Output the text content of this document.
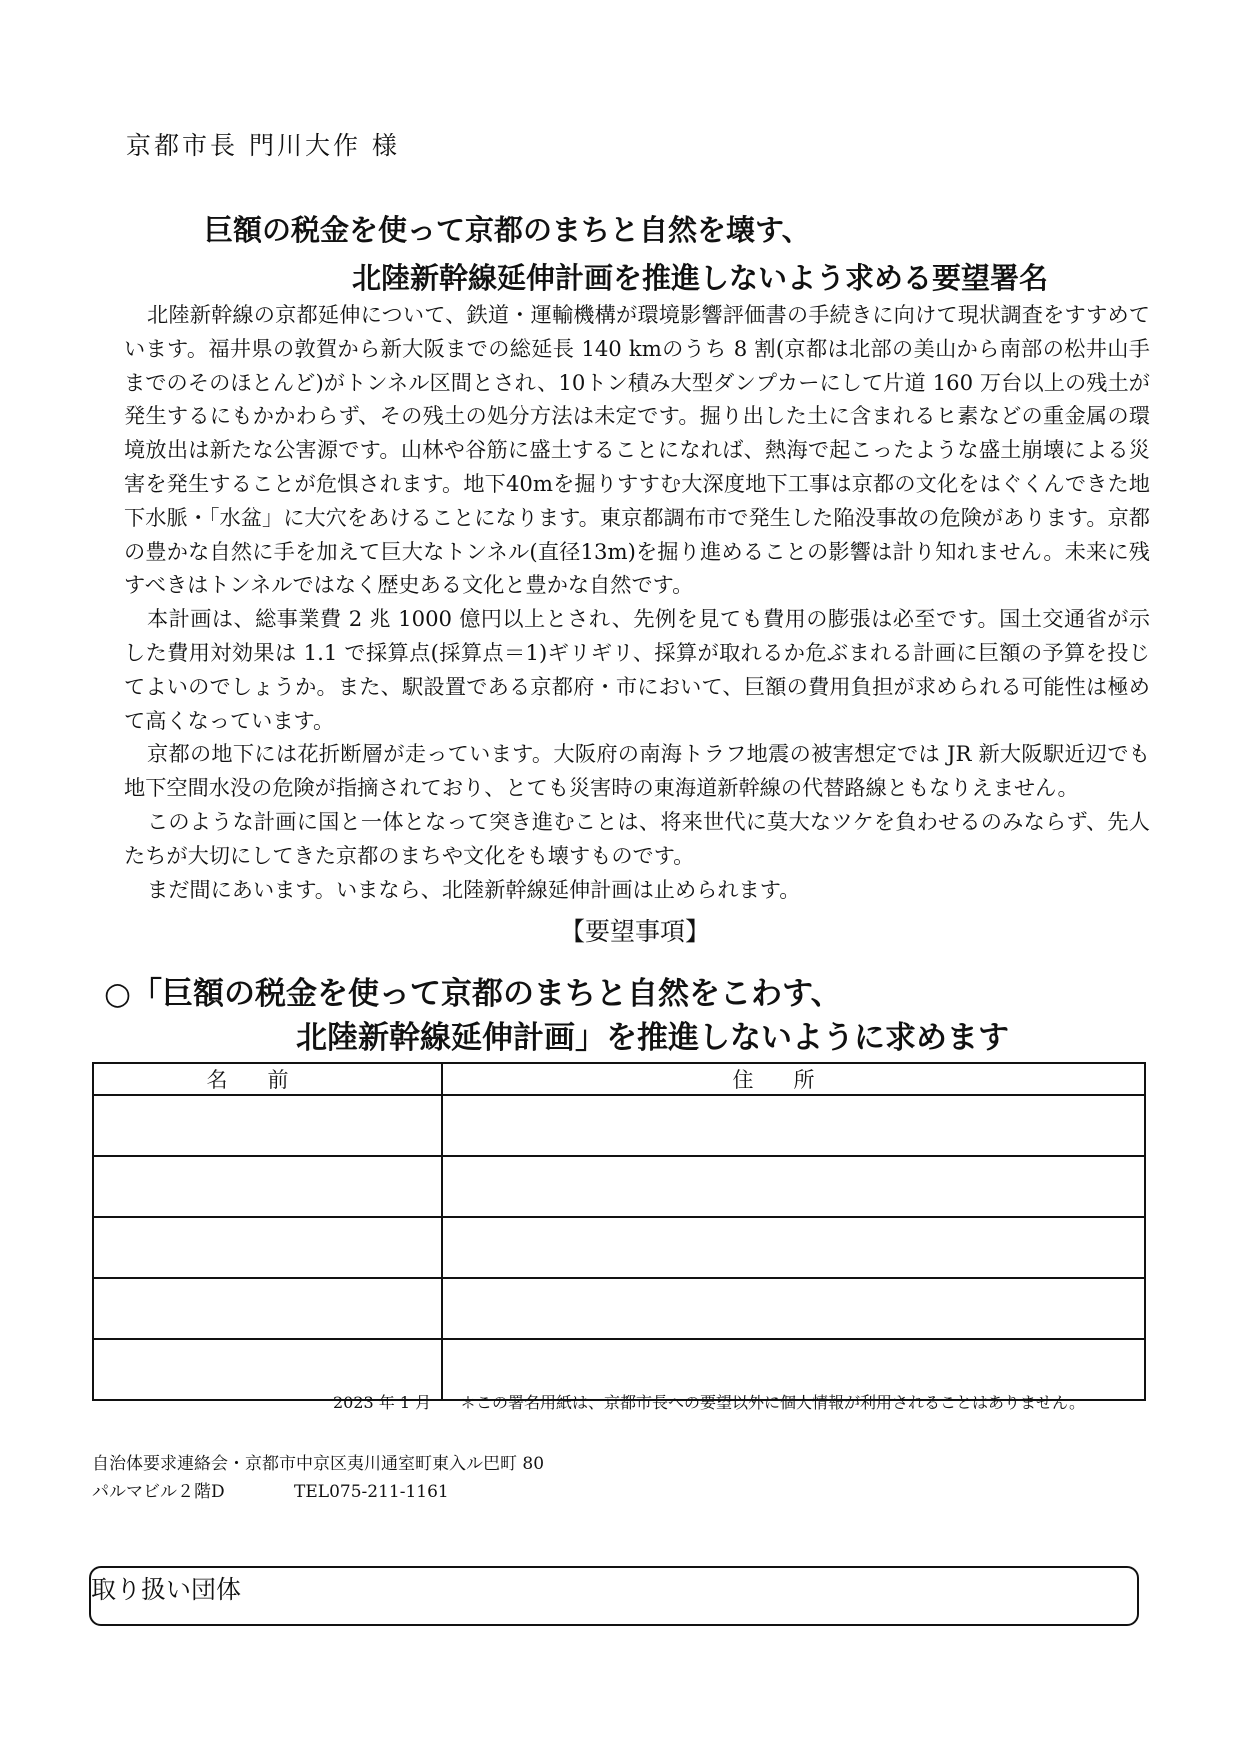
京都市長 門川大作 様
巨額の税金を使って京都のまちと自然を壊す、
北陸新幹線延伸計画を推進しないよう求める要望署名

北陸新幹線の京都延伸について、鉄道・運輸機構が環境影響評価書の手続きに向けて現状調査をすすめています。福井県の敦賀から新大阪までの総延長 140 kmのうち 8 割(京都は北部の美山から南部の松井山手までのそのほとんど)がトンネル区間とされ、10トン積み大型ダンプカーにして片道 160 万台以上の残土が発生するにもかかわらず、その残土の処分方法は未定です。掘り出した土に含まれるヒ素などの重金属の環境放出は新たな公害源です。山林や谷筋に盛土することになれば、熱海で起こったような盛土崩壊による災害を発生することが危惧されます。地下40mを掘りすすむ大深度地下工事は京都の文化をはぐくんできた地下水脈・「水盆」に大穴をあけることになります。東京都調布市で発生した陥没事故の危険があります。京都の豊かな自然に手を加えて巨大なトンネル(直径13m)を掘り進めることの影響は計り知れません。未来に残すべきはトンネルではなく歴史ある文化と豊かな自然です。

本計画は、総事業費 2 兆 1000 億円以上とされ、先例を見ても費用の膨張は必至です。国土交通省が示した費用対効果は 1.1 で採算点(採算点＝1)ギリギリ、採算が取れるか危ぶまれる計画に巨額の予算を投じてよいのでしょうか。また、駅設置である京都府・市において、巨額の費用負担が求められる可能性は極めて高くなっています。

京都の地下には花折断層が走っています。大阪府の南海トラフ地震の被害想定では JR 新大阪駅近辺でも地下空間水没の危険が指摘されており、とても災害時の東海道新幹線の代替路線ともなりえません。

このような計画に国と一体となって突き進むことは、将来世代に莫大なツケを負わせるのみならず、先人たちが大切にしてきた京都のまちや文化をも壊すものです。

まだ間にあいます。いまなら、北陸新幹線延伸計画は止められます。

【要望事項】
○「巨額の税金を使って京都のまちと自然をこわす、
北陸新幹線延伸計画」を推進しないように求めます
名前	住所

2023 年 1 月 ＊この署名用紙は、京都市長への要望以外に個人情報が利用されることはありません。
自治体要求連絡会・京都市中京区夷川通室町東入ル巴町 80
パルマビル２階D	TEL075-211-1161
取り扱い団体
